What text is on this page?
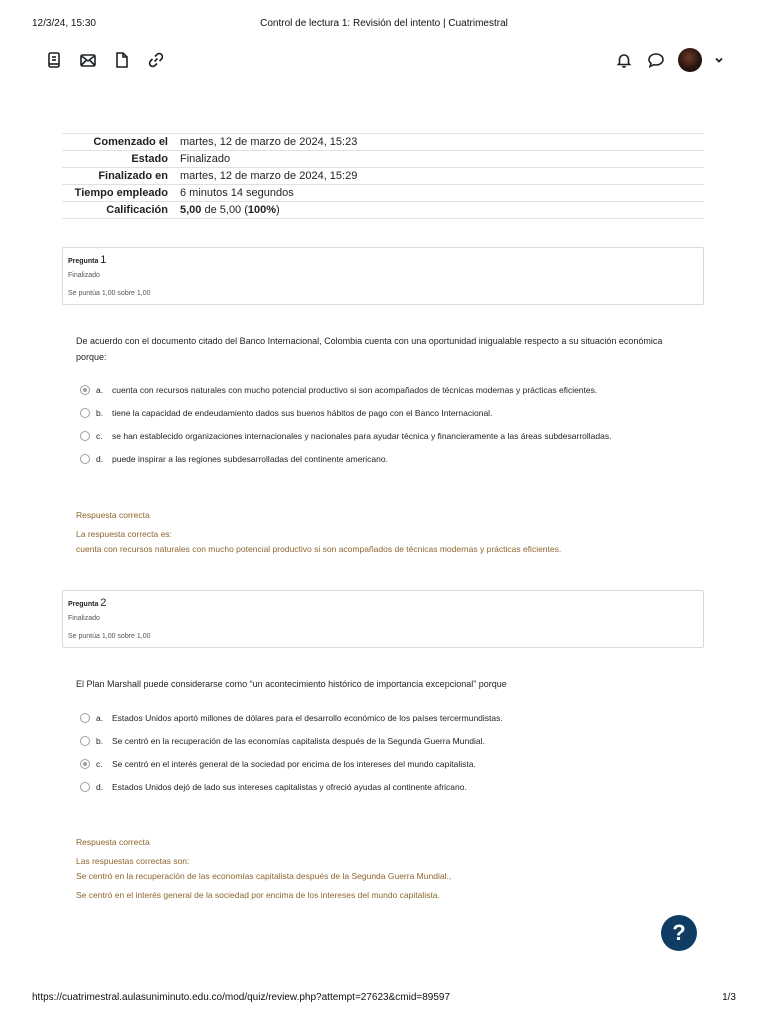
12/3/24, 15:30	Control de lectura 1: Revisión del intento | Cuatrimestral
Comenzado el	martes, 12 de marzo de 2024, 15:23
Estado	Finalizado
Finalizado en	martes, 12 de marzo de 2024, 15:29
Tiempo empleado	6 minutos 14 segundos
Calificación	5,00 de 5,00 (100%)
Pregunta 1
Finalizado
Se puntúa 1,00 sobre 1,00
De acuerdo con el documento citado del Banco Internacional, Colombia cuenta con una oportunidad inigualable respecto a su situación económica porque:
a.	cuenta con recursos naturales con mucho potencial productivo si son acompañados de técnicas modernas y prácticas eficientes.
b.	tiene la capacidad de endeudamiento dados sus buenos hábitos de pago con el Banco Internacional.
c.	se han establecido organizaciones internacionales y nacionales para ayudar técnica y financieramente a las áreas subdesarrolladas.
d.	puede inspirar a las regiones subdesarrolladas del continente americano.
Respuesta correcta
La respuesta correcta es:
cuenta con recursos naturales con mucho potencial productivo si son acompañados de técnicas modernas y prácticas eficientes.
Pregunta 2
Finalizado
Se puntúa 1,00 sobre 1,00
El Plan Marshall puede considerarse como “un acontecimiento histórico de importancia excepcional” porque
a.	Estados Unidos aportó millones de dólares para el desarrollo económico de los países tercermundistas.
b.	Se centró en la recuperación de las economías capitalista después de la Segunda Guerra Mundial.
c.	Se centró en el interés general de la sociedad por encima de los intereses del mundo capitalista.
d.	Estados Unidos dejó de lado sus intereses capitalistas y ofreció ayudas al continente africano.
Respuesta correcta
Las respuestas correctas son:
Se centró en la recuperación de las economías capitalista después de la Segunda Guerra Mundial.,
Se centró en el interés general de la sociedad por encima de los intereses del mundo capitalista.
?
https://cuatrimestral.aulasuniminuto.edu.co/mod/quiz/review.php?attempt=27623&cmid=89597	1/3
